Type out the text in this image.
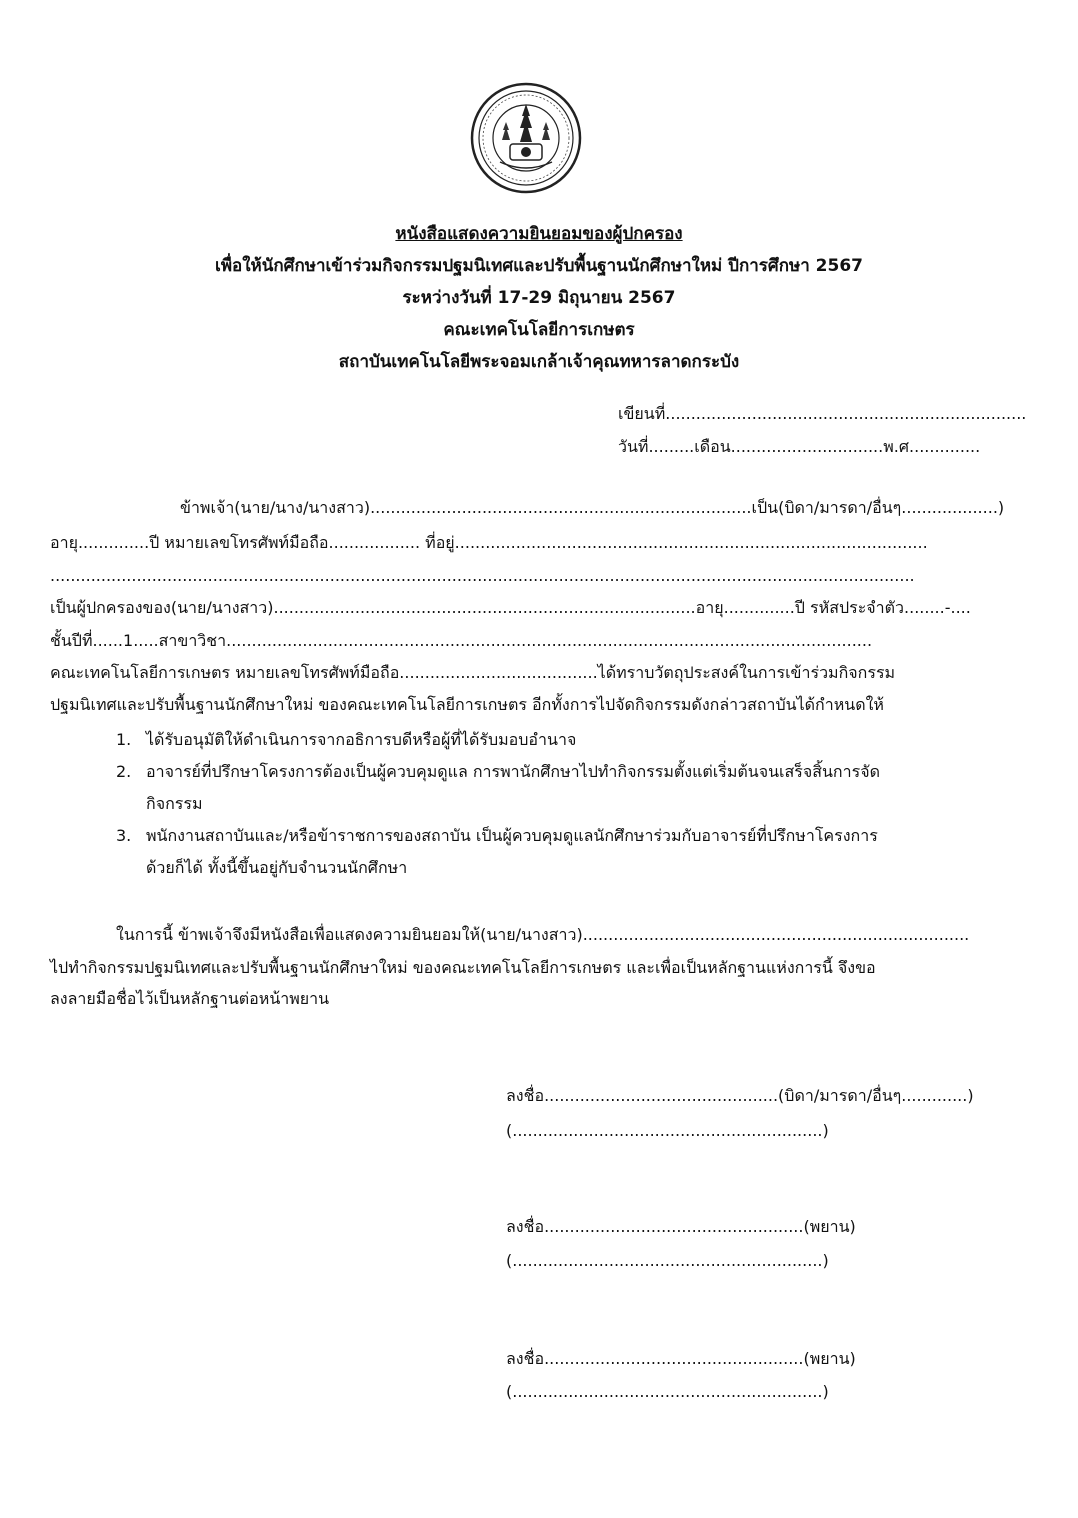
หนังสือแสดงความยินยอมของผู้ปกครอง
เพื่อให้นักศึกษาเข้าร่วมกิจกรรมปฐมนิเทศและปรับพื้นฐานนักศึกษาใหม่ ปีการศึกษา 2567
ระหว่างวันที่ 17-29 มิถุนายน 2567
คณะเทคโนโลยีการเกษตร
สถาบันเทคโนโลยีพระจอมเกล้าเจ้าคุณทหารลาดกระบัง
เขียนที่.......................................................................
วันที่.........เดือน..............................พ.ศ..............
ข้าพเจ้า(นาย/นาง/นางสาว)...........................................................................เป็น(บิดา/มารดา/อื่นๆ...................)
อายุ..............ปี หมายเลขโทรศัพท์มือถือ.................. ที่อยู่.............................................................................................
..........................................................................................................................................................................
เป็นผู้ปกครองของ(นาย/นางสาว)...................................................................................อายุ..............ปี รหัสประจำตัว........-....
ชั้นปีที่......1.....สาขาวิชา...............................................................................................................................
คณะเทคโนโลยีการเกษตร หมายเลขโทรศัพท์มือถือ.......................................ได้ทราบวัตถุประสงค์ในการเข้าร่วมกิจกรรม
ปฐมนิเทศและปรับพื้นฐานนักศึกษาใหม่ ของคณะเทคโนโลยีการเกษตร อีกทั้งการไปจัดกิจกรรมดังกล่าวสถาบันได้กำหนดให้
1. ได้รับอนุมัติให้ดำเนินการจากอธิการบดีหรือผู้ที่ได้รับมอบอำนาจ
2. อาจารย์ที่ปรึกษาโครงการต้องเป็นผู้ควบคุมดูแล การพานักศึกษาไปทำกิจกรรมตั้งแต่เริ่มต้นจนเสร็จสิ้นการจัด
กิจกรรม
3. พนักงานสถาบันและ/หรือข้าราชการของสถาบัน เป็นผู้ควบคุมดูแลนักศึกษาร่วมกับอาจารย์ที่ปรึกษาโครงการ
ด้วยก็ได้ ทั้งนี้ขึ้นอยู่กับจำนวนนักศึกษา
ในการนี้ ข้าพเจ้าจึงมีหนังสือเพื่อแสดงความยินยอมให้(นาย/นางสาว)............................................................................
ไปทำกิจกรรมปฐมนิเทศและปรับพื้นฐานนักศึกษาใหม่ ของคณะเทคโนโลยีการเกษตร และเพื่อเป็นหลักฐานแห่งการนี้ จึงขอ
ลงลายมือชื่อไว้เป็นหลักฐานต่อหน้าพยาน
ลงชื่อ..............................................(บิดา/มารดา/อื่นๆ.............)
(.............................................................)
ลงชื่อ...................................................(พยาน)
(.............................................................)
ลงชื่อ...................................................(พยาน)
(.............................................................)
